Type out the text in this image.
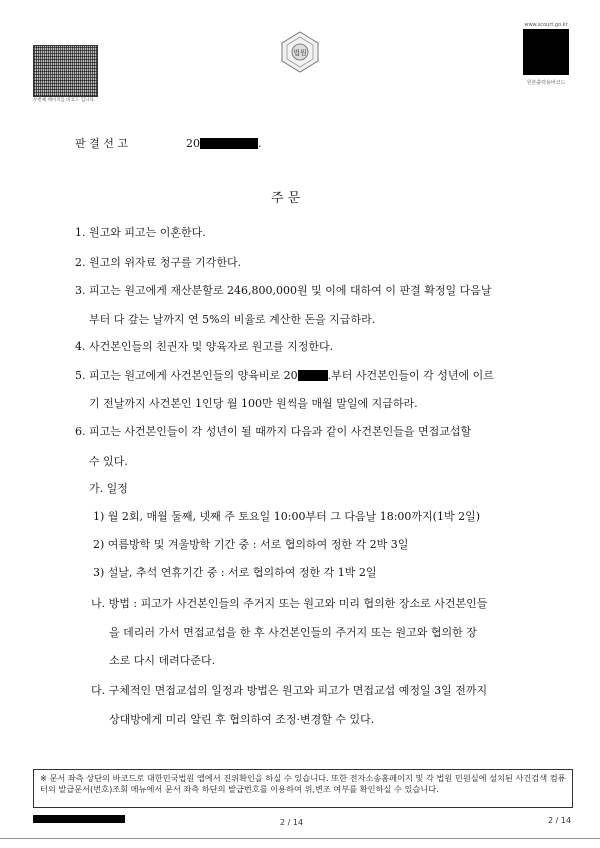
두번째 페이지를 바코드 입니다.
법원
www.scourt.go.kr
원본출력용바코드
판 결 선 고	20	.
주 문
1. 원고와 피고는 이혼한다.
2. 원고의 위자료 청구를 기각한다.
3. 피고는 원고에게 재산분할로 246,800,000원 및 이에 대하여 이 판결 확정일 다음날
부터 다 갚는 날까지 연 5%의 비율로 계산한 돈을 지급하라.
4. 사건본인들의 친권자 및 양육자로 원고를 지정한다.
5. 피고는 원고에게 사건본인들의 양육비로 20	.부터 사건본인들이 각 성년에 이르
기 전날까지 사건본인 1인당 월 100만 원씩을 매월 말일에 지급하라.
6. 피고는 사건본인들이 각 성년이 될 때까지 다음과 같이 사건본인들을 면접교섭할
수 있다.
가. 일정
1) 월 2회, 매월 둘째, 넷째 주 토요일 10:00부터 그 다음날 18:00까지(1박 2일)
2) 여름방학 및 겨울방학 기간 중 : 서로 협의하여 정한 각 2박 3일
3) 설날, 추석 연휴기간 중 : 서로 협의하여 정한 각 1박 2일
나. 방법 : 피고가 사건본인들의 주거지 또는 원고와 미리 협의한 장소로 사건본인들
을 데리러 가서 면접교섭을 한 후 사건본인들의 주거지 또는 원고와 협의한 장
소로 다시 데려다준다.
다. 구체적인 면접교섭의 일정과 방법은 원고와 피고가 면접교섭 예정일 3일 전까지
상대방에게 미리 알린 후 협의하여 조정·변경할 수 있다.
※ 문서 좌측 상단의 바코드로 대한민국법원 앱에서 진위확인을 하실 수 있습니다. 또한 전자소송홈페이지 및 각 법원 민원실에 설치된 사건검색 컴퓨터의 발급문서(번호)조회 메뉴에서 문서 좌측 하단의 발급번호를 이용하여 위,변조 여부를 확인하실 수 있습니다.
2 / 14	2 / 14
